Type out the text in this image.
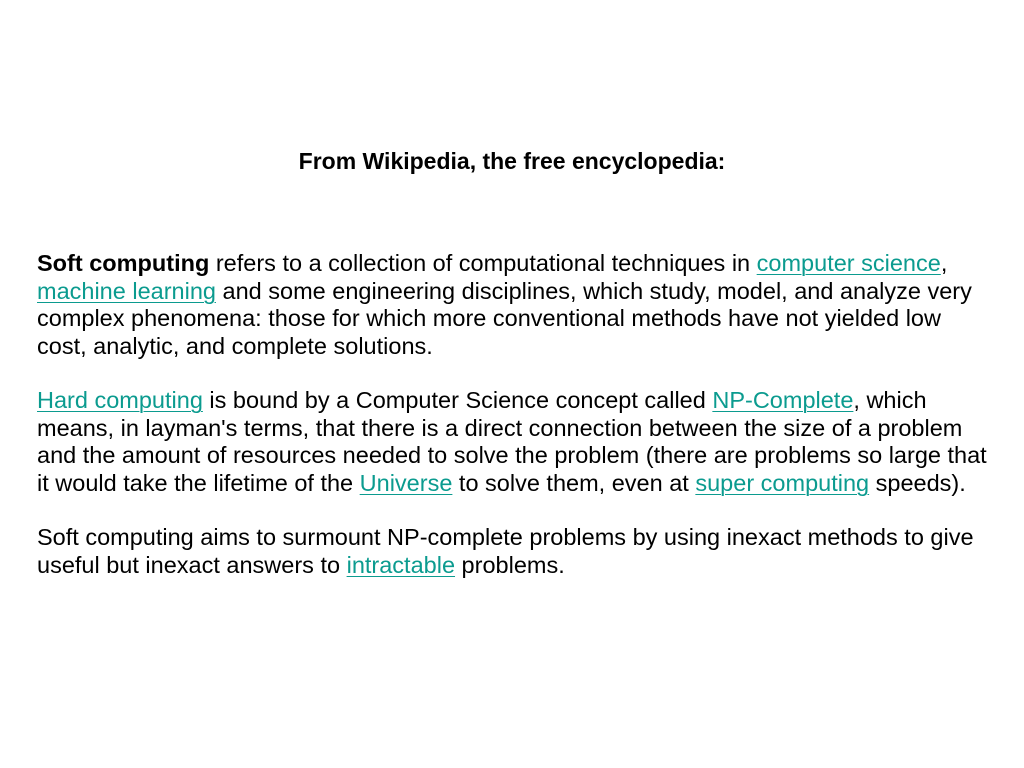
From Wikipedia, the free encyclopedia:

Soft computing refers to a collection of computational techniques in computer science, machine learning and some engineering disciplines, which study, model, and analyze very complex phenomena: those for which more conventional methods have not yielded low cost, analytic, and complete solutions.

Hard computing is bound by a Computer Science concept called NP-Complete, which means, in layman's terms, that there is a direct connection between the size of a problem and the amount of resources needed to solve the problem (there are problems so large that it would take the lifetime of the Universe to solve them, even at super computing speeds).

Soft computing aims to surmount NP-complete problems by using inexact methods to give useful but inexact answers to intractable problems.
